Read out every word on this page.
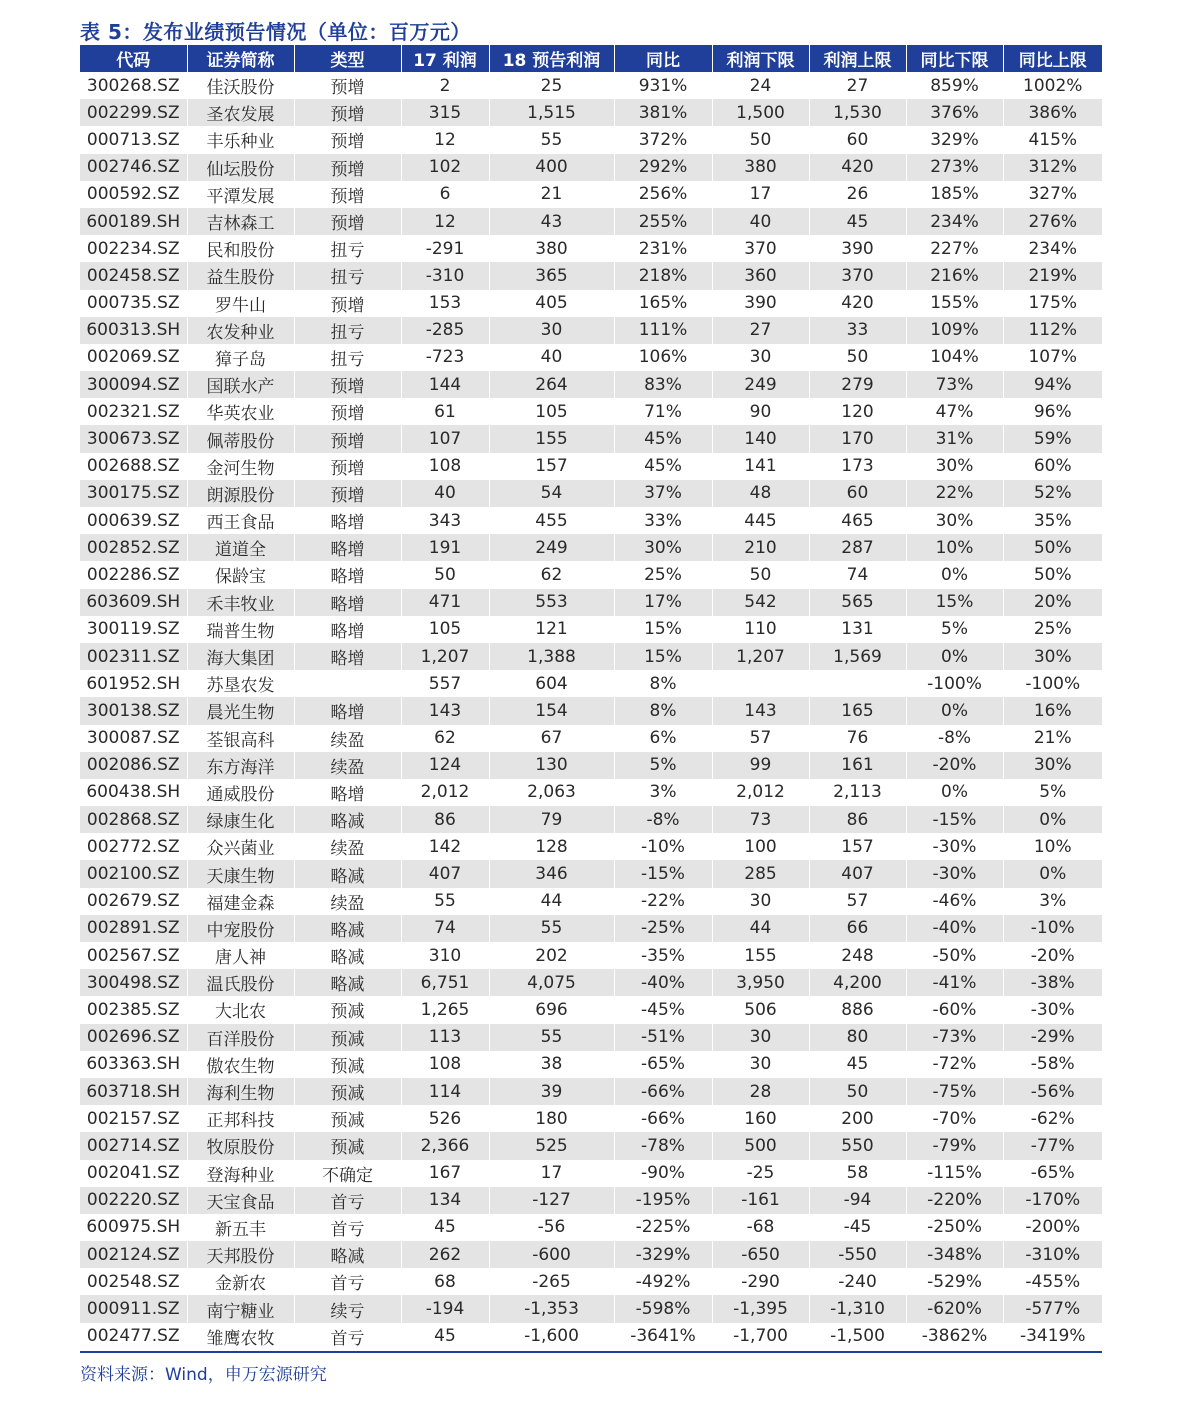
表 5：发布业绩预告情况（单位：百万元）
代码	证券简称	类型	17 利润	18 预告利润	同比	利润下限	利润上限	同比下限	同比上限
300268.SZ	佳沃股份	预增	2	25	931%	24	27	859%	1002%
002299.SZ	圣农发展	预增	315	1,515	381%	1,500	1,530	376%	386%
000713.SZ	丰乐种业	预增	12	55	372%	50	60	329%	415%
002746.SZ	仙坛股份	预增	102	400	292%	380	420	273%	312%
000592.SZ	平潭发展	预增	6	21	256%	17	26	185%	327%
600189.SH	吉林森工	预增	12	43	255%	40	45	234%	276%
002234.SZ	民和股份	扭亏	-291	380	231%	370	390	227%	234%
002458.SZ	益生股份	扭亏	-310	365	218%	360	370	216%	219%
000735.SZ	罗牛山	预增	153	405	165%	390	420	155%	175%
600313.SH	农发种业	扭亏	-285	30	111%	27	33	109%	112%
002069.SZ	獐子岛	扭亏	-723	40	106%	30	50	104%	107%
300094.SZ	国联水产	预增	144	264	83%	249	279	73%	94%
002321.SZ	华英农业	预增	61	105	71%	90	120	47%	96%
300673.SZ	佩蒂股份	预增	107	155	45%	140	170	31%	59%
002688.SZ	金河生物	预增	108	157	45%	141	173	30%	60%
300175.SZ	朗源股份	预增	40	54	37%	48	60	22%	52%
000639.SZ	西王食品	略增	343	455	33%	445	465	30%	35%
002852.SZ	道道全	略增	191	249	30%	210	287	10%	50%
002286.SZ	保龄宝	略增	50	62	25%	50	74	0%	50%
603609.SH	禾丰牧业	略增	471	553	17%	542	565	15%	20%
300119.SZ	瑞普生物	略增	105	121	15%	110	131	5%	25%
002311.SZ	海大集团	略增	1,207	1,388	15%	1,207	1,569	0%	30%
601952.SH	苏垦农发		557	604	8%			-100%	-100%
300138.SZ	晨光生物	略增	143	154	8%	143	165	0%	16%
300087.SZ	荃银高科	续盈	62	67	6%	57	76	-8%	21%
002086.SZ	东方海洋	续盈	124	130	5%	99	161	-20%	30%
600438.SH	通威股份	略增	2,012	2,063	3%	2,012	2,113	0%	5%
002868.SZ	绿康生化	略减	86	79	-8%	73	86	-15%	0%
002772.SZ	众兴菌业	续盈	142	128	-10%	100	157	-30%	10%
002100.SZ	天康生物	略减	407	346	-15%	285	407	-30%	0%
002679.SZ	福建金森	续盈	55	44	-22%	30	57	-46%	3%
002891.SZ	中宠股份	略减	74	55	-25%	44	66	-40%	-10%
002567.SZ	唐人神	略减	310	202	-35%	155	248	-50%	-20%
300498.SZ	温氏股份	略减	6,751	4,075	-40%	3,950	4,200	-41%	-38%
002385.SZ	大北农	预减	1,265	696	-45%	506	886	-60%	-30%
002696.SZ	百洋股份	预减	113	55	-51%	30	80	-73%	-29%
603363.SH	傲农生物	预减	108	38	-65%	30	45	-72%	-58%
603718.SH	海利生物	预减	114	39	-66%	28	50	-75%	-56%
002157.SZ	正邦科技	预减	526	180	-66%	160	200	-70%	-62%
002714.SZ	牧原股份	预减	2,366	525	-78%	500	550	-79%	-77%
002041.SZ	登海种业	不确定	167	17	-90%	-25	58	-115%	-65%
002220.SZ	天宝食品	首亏	134	-127	-195%	-161	-94	-220%	-170%
600975.SH	新五丰	首亏	45	-56	-225%	-68	-45	-250%	-200%
002124.SZ	天邦股份	略减	262	-600	-329%	-650	-550	-348%	-310%
002548.SZ	金新农	首亏	68	-265	-492%	-290	-240	-529%	-455%
000911.SZ	南宁糖业	续亏	-194	-1,353	-598%	-1,395	-1,310	-620%	-577%
002477.SZ	雏鹰农牧	首亏	45	-1,600	-3641%	-1,700	-1,500	-3862%	-3419%
资料来源：Wind，申万宏源研究
